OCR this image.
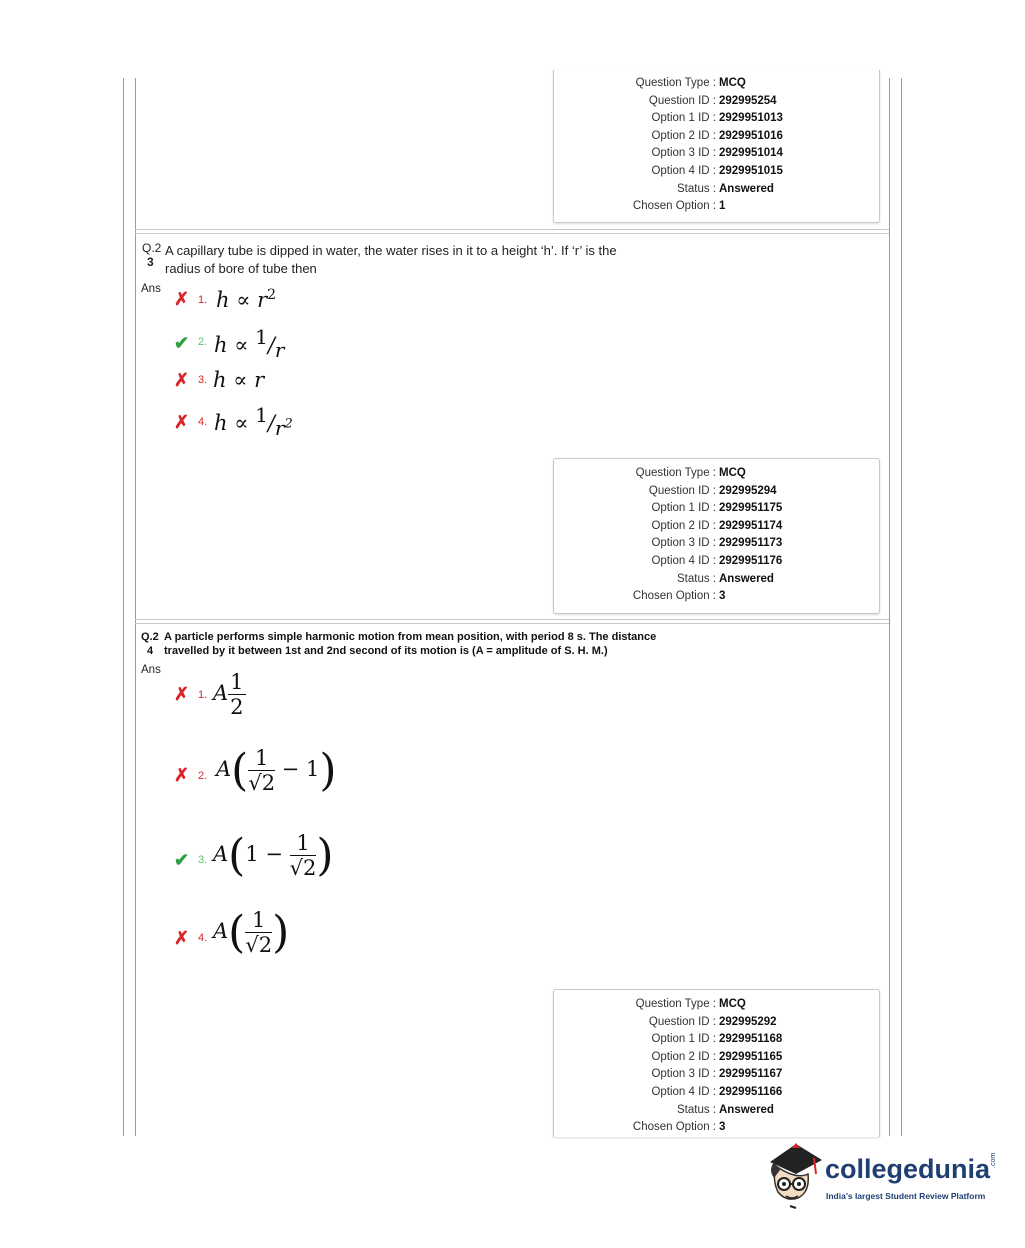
Question Type : MCQ
Question ID : 292995254
Option 1 ID : 2929951013
Option 2 ID : 2929951016
Option 3 ID : 2929951014
Option 4 ID : 2929951015
Status : Answered
Chosen Option : 1
Q.2
3
A capillary tube is dipped in water, the water rises in it to a height ‘h’. If ‘r’ is the
radius of bore of tube then
Ans ✗ 1. $h \propto r^2$
✔ 2. $h \propto ^1/_r$
✗ 3. h ∝ r
✗ 4. $h \propto ^1/_{r^2}$
Question Type : MCQ
Question ID : 292995294
Option 1 ID : 2929951175
Option 2 ID : 2929951174
Option 3 ID : 2929951173
Option 4 ID : 2929951176
Status : Answered
Chosen Option : 3
Q.2
4
A particle performs simple harmonic motion from mean position, with period 8 s. The distance
travelled by it between 1st and 2nd second of its motion is (A = amplitude of S. H. M.)
Ans
✗ 1. A $\frac{1}{2}$
✗ 2. $A( \frac{1}{√2} - 1)$
✔ 3. $A(1 - \frac{1}{√2}$ )
✗ 4. $A( \frac{1}{√2}$ )
Question Type : MCQ
Question ID : 292995292
Option 1 ID : 2929951168
Option 2 ID : 2929951165
Option 3 ID : 2929951167
Option 4 ID : 2929951166
Status : Answered
Chosen Option : 3
collegedunia .com
India's largest Student Review Platform
